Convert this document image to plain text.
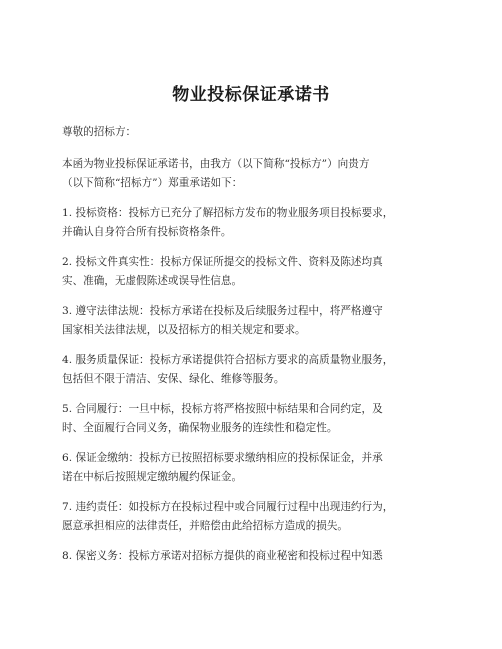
物业投标保证承诺书

尊敬的招标方：

本函为物业投标保证承诺书，由我方（以下简称“投标方”）向贵方
（以下简称“招标方”）郑重承诺如下：

1. 投标资格：投标方已充分了解招标方发布的物业服务项目投标要求，
并确认自身符合所有投标资格条件。

2. 投标文件真实性：投标方保证所提交的投标文件、资料及陈述均真
实、准确，无虚假陈述或误导性信息。

3. 遵守法律法规：投标方承诺在投标及后续服务过程中，将严格遵守
国家相关法律法规，以及招标方的相关规定和要求。

4. 服务质量保证：投标方承诺提供符合招标方要求的高质量物业服务，
包括但不限于清洁、安保、绿化、维修等服务。

5. 合同履行：一旦中标，投标方将严格按照中标结果和合同约定，及
时、全面履行合同义务，确保物业服务的连续性和稳定性。

6. 保证金缴纳：投标方已按照招标要求缴纳相应的投标保证金，并承
诺在中标后按照规定缴纳履约保证金。

7. 违约责任：如投标方在投标过程中或合同履行过程中出现违约行为，
愿意承担相应的法律责任，并赔偿由此给招标方造成的损失。

8. 保密义务：投标方承诺对招标方提供的商业秘密和投标过程中知悉
